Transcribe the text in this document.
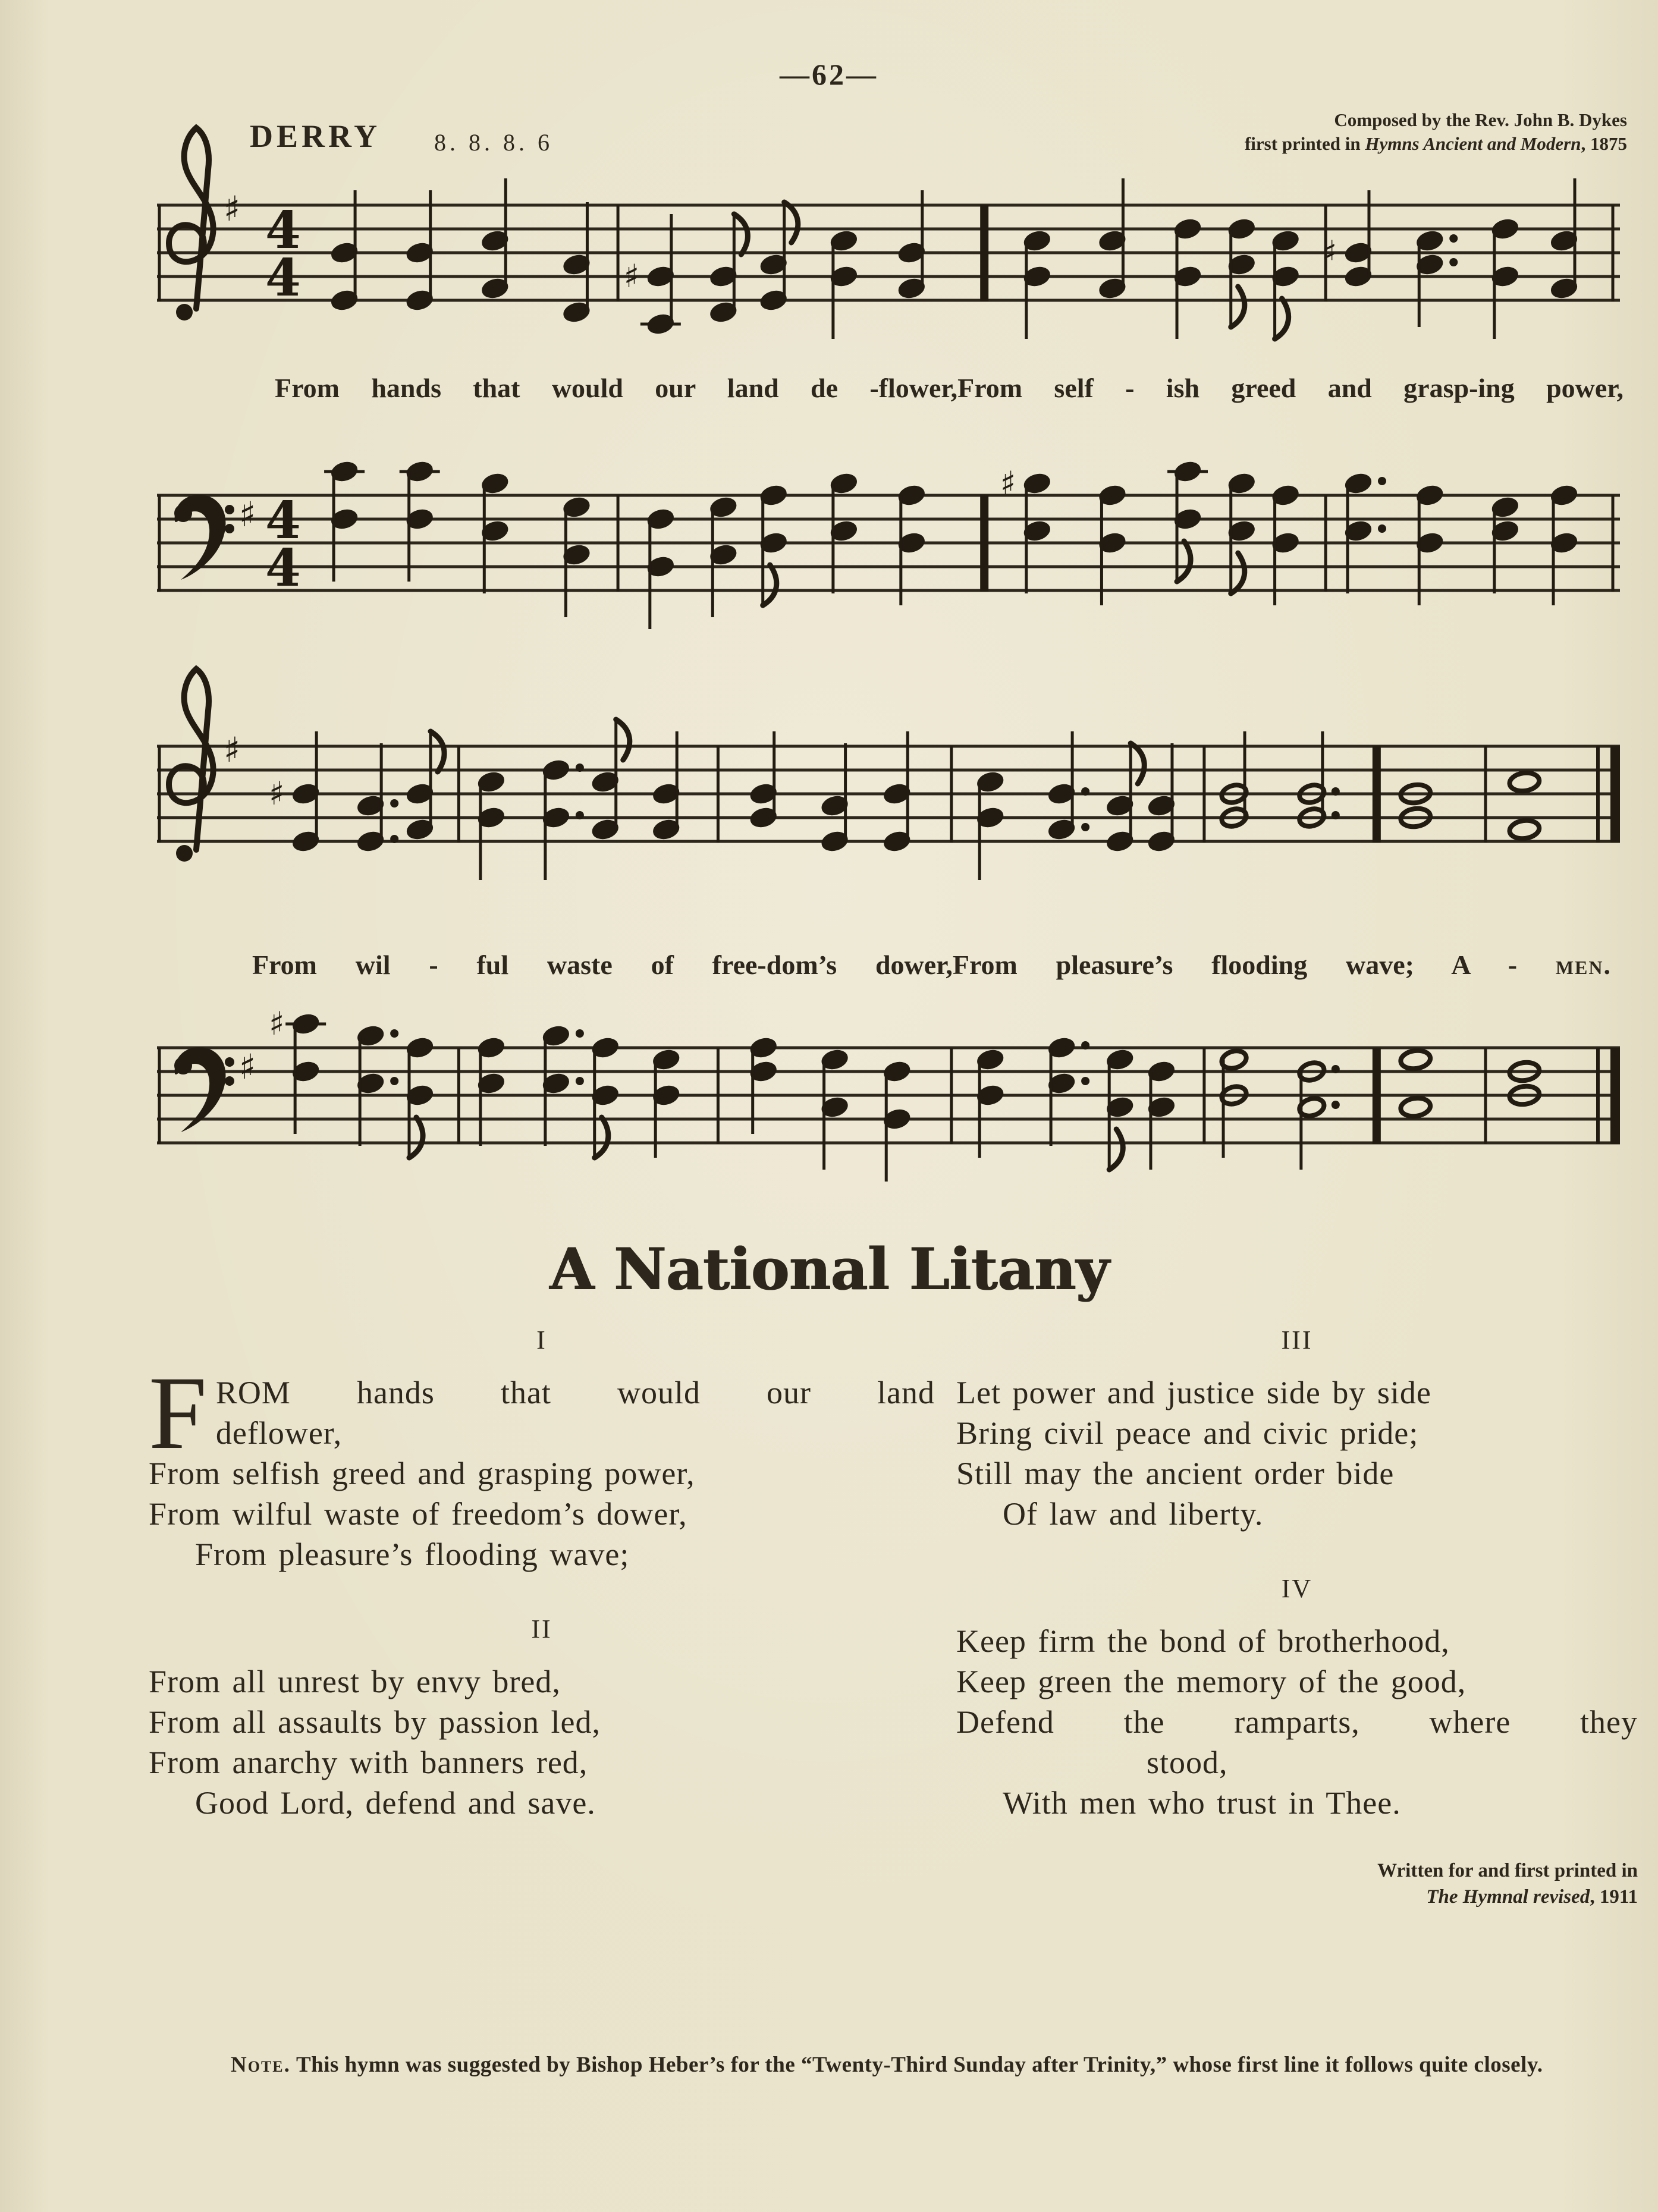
—62—
DERRY 8. 8. 8. 6
Composed by the Rev. John B. Dykes
first printed in Hymns Ancient and Modern, 1875
♯ 4
4	♯
♯
From hands that would our land de -flower,From self - ish greed and grasp-ing power,
♯ 4
4
♯
♯
♯
From wil - ful waste of free-dom’s dower,From pleasure’s flooding wave; A - men.
♯
♯
A National Litany
I
F ROM hands that would our land
deflower,
From selfish greed and grasping power,
From wilful waste of freedom’s dower,
From pleasure’s flooding wave;
II
From all unrest by envy bred,
From all assaults by passion led,
From anarchy with banners red,
Good Lord, defend and save.
III
Let power and justice side by side
Bring civil peace and civic pride;
Still may the ancient order bide
Of law and liberty.
IV
Keep firm the bond of brotherhood,
Keep green the memory of the good,
Defend the ramparts, where they
stood,
With men who trust in Thee.
Written for and first printed in
The Hymnal revised, 1911
Note. This hymn was suggested by Bishop Heber’s for the “Twenty-Third Sunday after Trinity,” whose first line it follows quite closely.
